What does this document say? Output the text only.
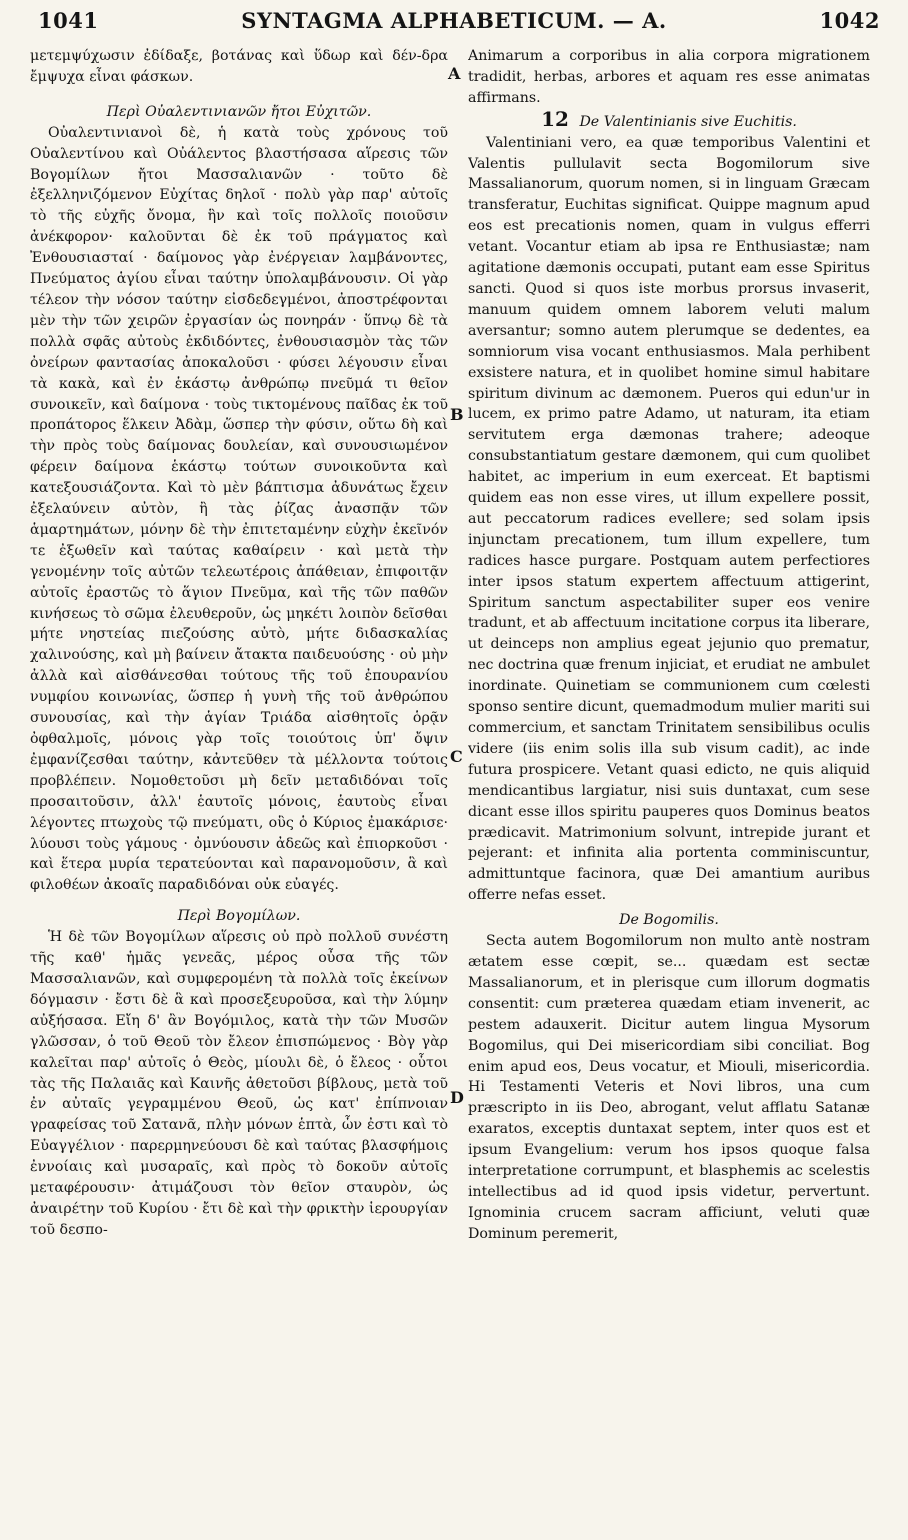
1041	SYNTAGMA ALPHABETICUM. — A.	1042
A
B
C
D

μετεμψύχωσιν ἐδίδαξε, βοτάνας καὶ ὕδωρ καὶ δέν-δρα ἔμψυχα εἶναι φάσκων.

Περὶ Οὐαλεντινιανῶν ἤτοι Εὐχιτῶν.

Οὐαλεντινιανοὶ δὲ, ἡ κατὰ τοὺς χρόνους τοῦ Οὐαλεντίνου καὶ Οὐάλεντος βλαστήσασα αἵρεσις τῶν Βογομίλων ἤτοι Μασσαλιανῶν · τοῦτο δὲ ἐξελληνιζόμενον Εὐχίτας δηλοῖ · πολὺ γὰρ παρ' αὐτοῖς τὸ τῆς εὐχῆς ὄνομα, ἣν καὶ τοῖς πολλοῖς ποιοῦσιν ἀνέκφορον· καλοῦνται δὲ ἐκ τοῦ πράγματος καὶ Ἐνθουσιασταί · δαίμονος γὰρ ἐνέργειαν λαμβάνοντες, Πνεύματος ἁγίου εἶναι ταύτην ὑπολαμβάνουσιν. Οἱ γὰρ τέλεον τὴν νόσον ταύτην εἰσδεδεγμένοι, ἀποστρέφονται μὲν τὴν τῶν χειρῶν ἐργασίαν ὡς πονηράν · ὕπνῳ δὲ τὰ πολλὰ σφᾶς αὐτοὺς ἐκδιδόντες, ἐνθουσιασμὸν τὰς τῶν ὀνείρων φαντασίας ἀποκαλοῦσι · φύσει λέγουσιν εἶναι τὰ κακὰ, καὶ ἐν ἑκάστῳ ἀνθρώπῳ πνεῦμά τι θεῖον συνοικεῖν, καὶ δαίμονα · τοὺς τικτομένους παῖδας ἐκ τοῦ προπάτορος ἕλκειν Ἀδὰμ, ὥσπερ τὴν φύσιν, οὕτω δὴ καὶ τὴν πρὸς τοὺς δαίμονας δουλείαν, καὶ συνουσιωμένον φέρειν δαίμονα ἑκάστῳ τούτων συνοικοῦντα καὶ κατεξουσιάζοντα. Καὶ τὸ μὲν βάπτισμα ἀδυνάτως ἔχειν ἐξελαύνειν αὐτὸν, ἢ τὰς ῥίζας ἀνασπᾷν τῶν ἁμαρτημάτων, μόνην δὲ τὴν ἐπιτεταμένην εὐχὴν ἐκεῖνόν τε ἐξωθεῖν καὶ ταύτας καθαίρειν · καὶ μετὰ τὴν γενομένην τοῖς αὐτῶν τελεωτέροις ἀπάθειαν, ἐπιφοιτᾷν αὐτοῖς ἐραστῶς τὸ ἅγιον Πνεῦμα, καὶ τῆς τῶν παθῶν κινήσεως τὸ σῶμα ἐλευθεροῦν, ὡς μηκέτι λοιπὸν δεῖσθαι μήτε νηστείας πιεζούσης αὐτὸ, μήτε διδασκαλίας χαλινούσης, καὶ μὴ βαίνειν ἄτακτα παιδευούσης · οὐ μὴν ἀλλὰ καὶ αἰσθάνεσθαι τούτους τῆς τοῦ ἐπουρανίου νυμφίου κοινωνίας, ὥσπερ ἡ γυνὴ τῆς τοῦ ἀνθρώπου συνουσίας, καὶ τὴν ἁγίαν Τριάδα αἰσθητοῖς ὁρᾷν ὀφθαλμοῖς, μόνοις γὰρ τοῖς τοιούτοις ὑπ' ὄψιν ἐμφανίζεσθαι ταύτην, κἀντεῦθεν τὰ μέλλοντα τούτοις προβλέπειν. Νομοθετοῦσι μὴ δεῖν μεταδιδόναι τοῖς προσαιτοῦσιν, ἀλλ' ἑαυτοῖς μόνοις, ἑαυτοὺς εἶναι λέγοντες πτωχοὺς τῷ πνεύματι, οὓς ὁ Κύριος ἐμακάρισε· λύουσι τοὺς γάμους · ὀμνύουσιν ἀδεῶς καὶ ἐπιορκοῦσι · καὶ ἕτερα μυρία τερατεύονται καὶ παρανομοῦσιν, ἃ καὶ φιλοθέων ἀκοαῖς παραδιδόναι οὐκ εὐαγές.

Περὶ Βογομίλων.

Ἡ δὲ τῶν Βογομίλων αἵρεσις οὐ πρὸ πολλοῦ συνέστη τῆς καθ' ἡμᾶς γενεᾶς, μέρος οὖσα τῆς τῶν Μασσαλιανῶν, καὶ συμφερομένη τὰ πολλὰ τοῖς ἐκείνων δόγμασιν · ἔστι δὲ ἃ καὶ προσεξευροῦσα, καὶ τὴν λύμην αὐξήσασα. Εἴη δ' ἂν Βογόμιλος, κατὰ τὴν τῶν Μυσῶν γλῶσσαν, ὁ τοῦ Θεοῦ τὸν ἔλεον ἐπισπώμενος · Βὸγ γὰρ καλεῖται παρ' αὐτοῖς ὁ Θεὸς, μίουλι δὲ, ὁ ἔλεος · οὗτοι τὰς τῆς Παλαιᾶς καὶ Καινῆς ἀθετοῦσι βίβλους, μετὰ τοῦ ἐν αὐταῖς γεγραμμένου Θεοῦ, ὡς κατ' ἐπίπνοιαν γραφείσας τοῦ Σατανᾶ, πλὴν μόνων ἑπτὰ, ὧν ἐστι καὶ τὸ Εὐαγγέλιον · παρερμηνεύουσι δὲ καὶ ταύτας βλασφήμοις ἐννοίαις καὶ μυσαραῖς, καὶ πρὸς τὸ δοκοῦν αὐτοῖς μεταφέρουσιν· ἀτιμάζουσι τὸν θεῖον σταυρὸν, ὡς ἀναιρέτην τοῦ Κυρίου · ἔτι δὲ καὶ τὴν φρικτὴν ἱερουργίαν τοῦ δεσπο-

Animarum a corporibus in alia corpora migrationem tradidit, herbas, arbores et aquam res esse animatas affirmans.

12 De Valentinianis sive Euchitis.

Valentiniani vero, ea quæ temporibus Valentini et Valentis pullulavit secta Bogomilorum sive Massalianorum, quorum nomen, si in linguam Græcam transferatur, Euchitas significat. Quippe magnum apud eos est precationis nomen, quam in vulgus efferri vetant. Vocantur etiam ab ipsa re Enthusiastæ; nam agitatione dæmonis occupati, putant eam esse Spiritus sancti. Quod si quos iste morbus prorsus invaserit, manuum quidem omnem laborem veluti malum aversantur; somno autem plerumque se dedentes, ea somniorum visa vocant enthusiasmos. Mala perhibent exsistere natura, et in quolibet homine simul habitare spiritum divinum ac dæmonem. Pueros qui edun'ur in lucem, ex primo patre Adamo, ut naturam, ita etiam servitutem erga dæmonas trahere; adeoque consubstantiatum gestare dæmonem, qui cum quolibet habitet, ac imperium in eum exerceat. Et baptismi quidem eas non esse vires, ut illum expellere possit, aut peccatorum radices evellere; sed solam ipsis injunctam precationem, tum illum expellere, tum radices hasce purgare. Postquam autem perfectiores inter ipsos statum expertem affectuum attigerint, Spiritum sanctum aspectabiliter super eos venire tradunt, et ab affectuum incitatione corpus ita liberare, ut deinceps non amplius egeat jejunio quo prematur, nec doctrina quæ frenum injiciat, et erudiat ne ambulet inordinate. Quinetiam se communionem cum cœlesti sponso sentire dicunt, quemadmodum mulier mariti sui commercium, et sanctam Trinitatem sensibilibus oculis videre (iis enim solis illa sub visum cadit), ac inde futura prospicere. Vetant quasi edicto, ne quis aliquid mendicantibus largiatur, nisi suis duntaxat, cum sese dicant esse illos spiritu pauperes quos Dominus beatos prædicavit. Matrimonium solvunt, intrepide jurant et pejerant: et infinita alia portenta comminiscuntur, admittuntque facinora, quæ Dei amantium auribus offerre nefas esset.

De Bogomilis.

Secta autem Bogomilorum non multo antè nostram ætatem esse cœpit, se... quædam est sectæ Massalianorum, et in plerisque cum illorum dogmatis consentit: cum præterea quædam etiam invenerit, ac pestem adauxerit. Dicitur autem lingua Mysorum Bogomilus, qui Dei misericordiam sibi conciliat. Bog enim apud eos, Deus vocatur, et Miouli, misericordia. Hi Testamenti Veteris et Novi libros, una cum præscripto in iis Deo, abrogant, velut afflatu Satanæ exaratos, exceptis duntaxat septem, inter quos est et ipsum Evangelium: verum hos ipsos quoque falsa interpretatione corrumpunt, et blasphemis ac scelestis intellectibus ad id quod ipsis videtur, pervertunt. Ignominia crucem sacram afficiunt, veluti quæ Dominum peremerit,
